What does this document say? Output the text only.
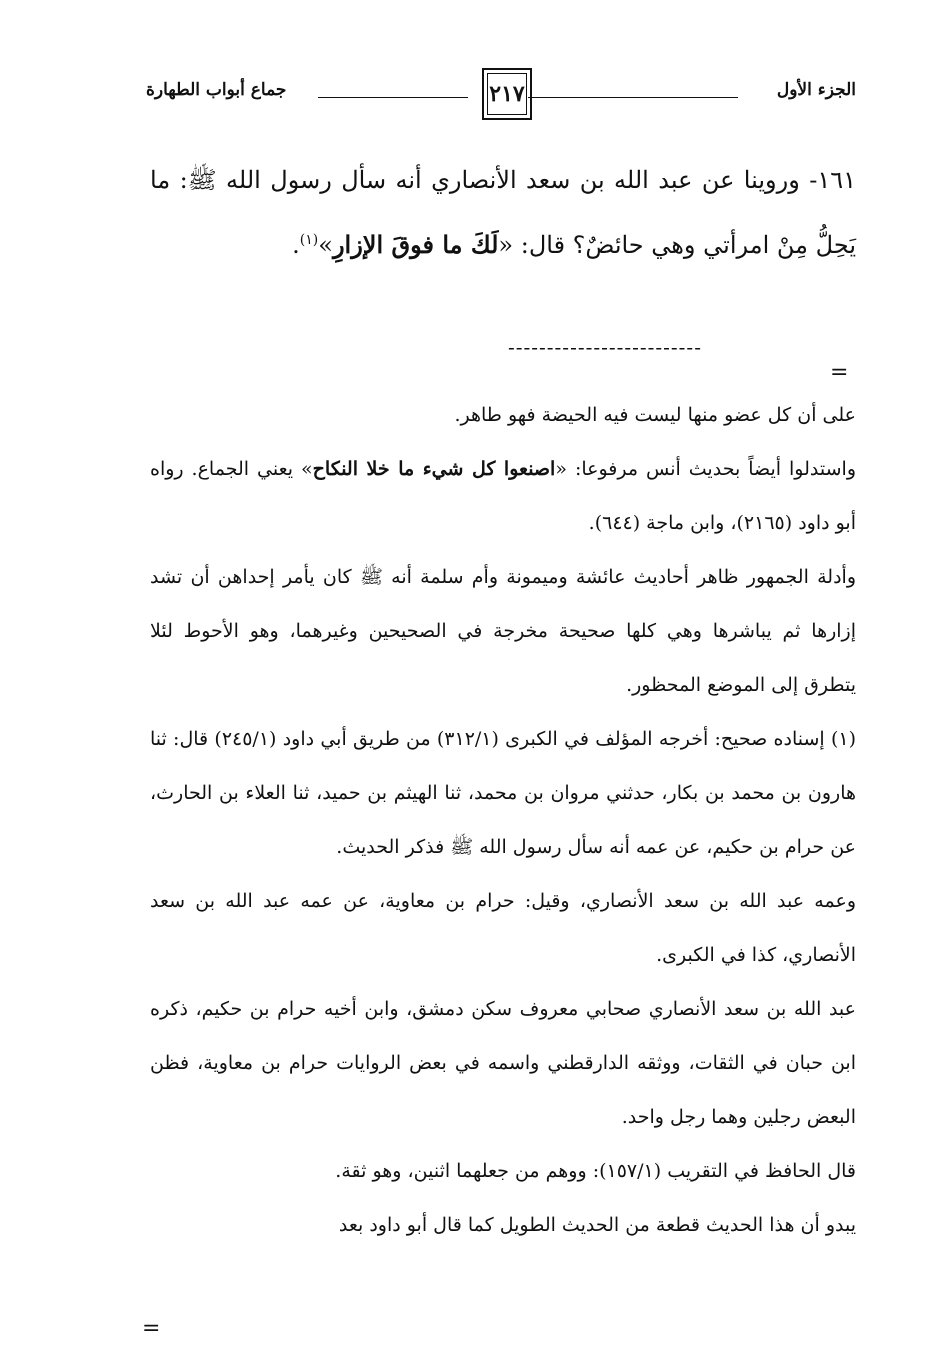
الجزء الأول
٢١٧
جماع أبواب الطهارة

١٦١- وروينا عن عبد الله بن سعد الأنصاري أنه سأل رسول الله ﷺ: ما يَحِلُّ مِنْ امرأتي وهي حائضٌ؟ قال: «لَكَ ما فوقَ الإزارِ»$^{(١)}$.

-------------------------
=

على أن كل عضو منها ليست فيه الحيضة فهو طاهر.

واستدلوا أيضاً بحديث أنس مرفوعا: «اصنعوا كل شيء ما خلا النكاح» يعني الجماع. رواه أبو داود (٢١٦٥)، وابن ماجة (٦٤٤).

وأدلة الجمهور ظاهر أحاديث عائشة وميمونة وأم سلمة أنه ﷺ كان يأمر إحداهن أن تشد إزارها ثم يباشرها وهي كلها صحيحة مخرجة في الصحيحين وغيرهما، وهو الأحوط لئلا يتطرق إلى الموضع المحظور.

(١) إسناده صحيح: أخرجه المؤلف في الكبرى (٣١٢/١) من طريق أبي داود (٢٤٥/١) قال: ثنا هارون بن محمد بن بكار، حدثني مروان بن محمد، ثنا الهيثم بن حميد، ثنا العلاء بن الحارث، عن حرام بن حكيم، عن عمه أنه سأل رسول الله ﷺ فذكر الحديث.

وعمه عبد الله بن سعد الأنصاري، وقيل: حرام بن معاوية، عن عمه عبد الله بن سعد الأنصاري، كذا في الكبرى.

عبد الله بن سعد الأنصاري صحابي معروف سكن دمشق، وابن أخيه حرام بن حكيم، ذكره ابن حبان في الثقات، ووثقه الدارقطني واسمه في بعض الروايات حرام بن معاوية، فظن البعض رجلين وهما رجل واحد.

قال الحافظ في التقريب (١٥٧/١): ووهم من جعلهما اثنين، وهو ثقة.

يبدو أن هذا الحديث قطعة من الحديث الطويل كما قال أبو داود بعد

=
